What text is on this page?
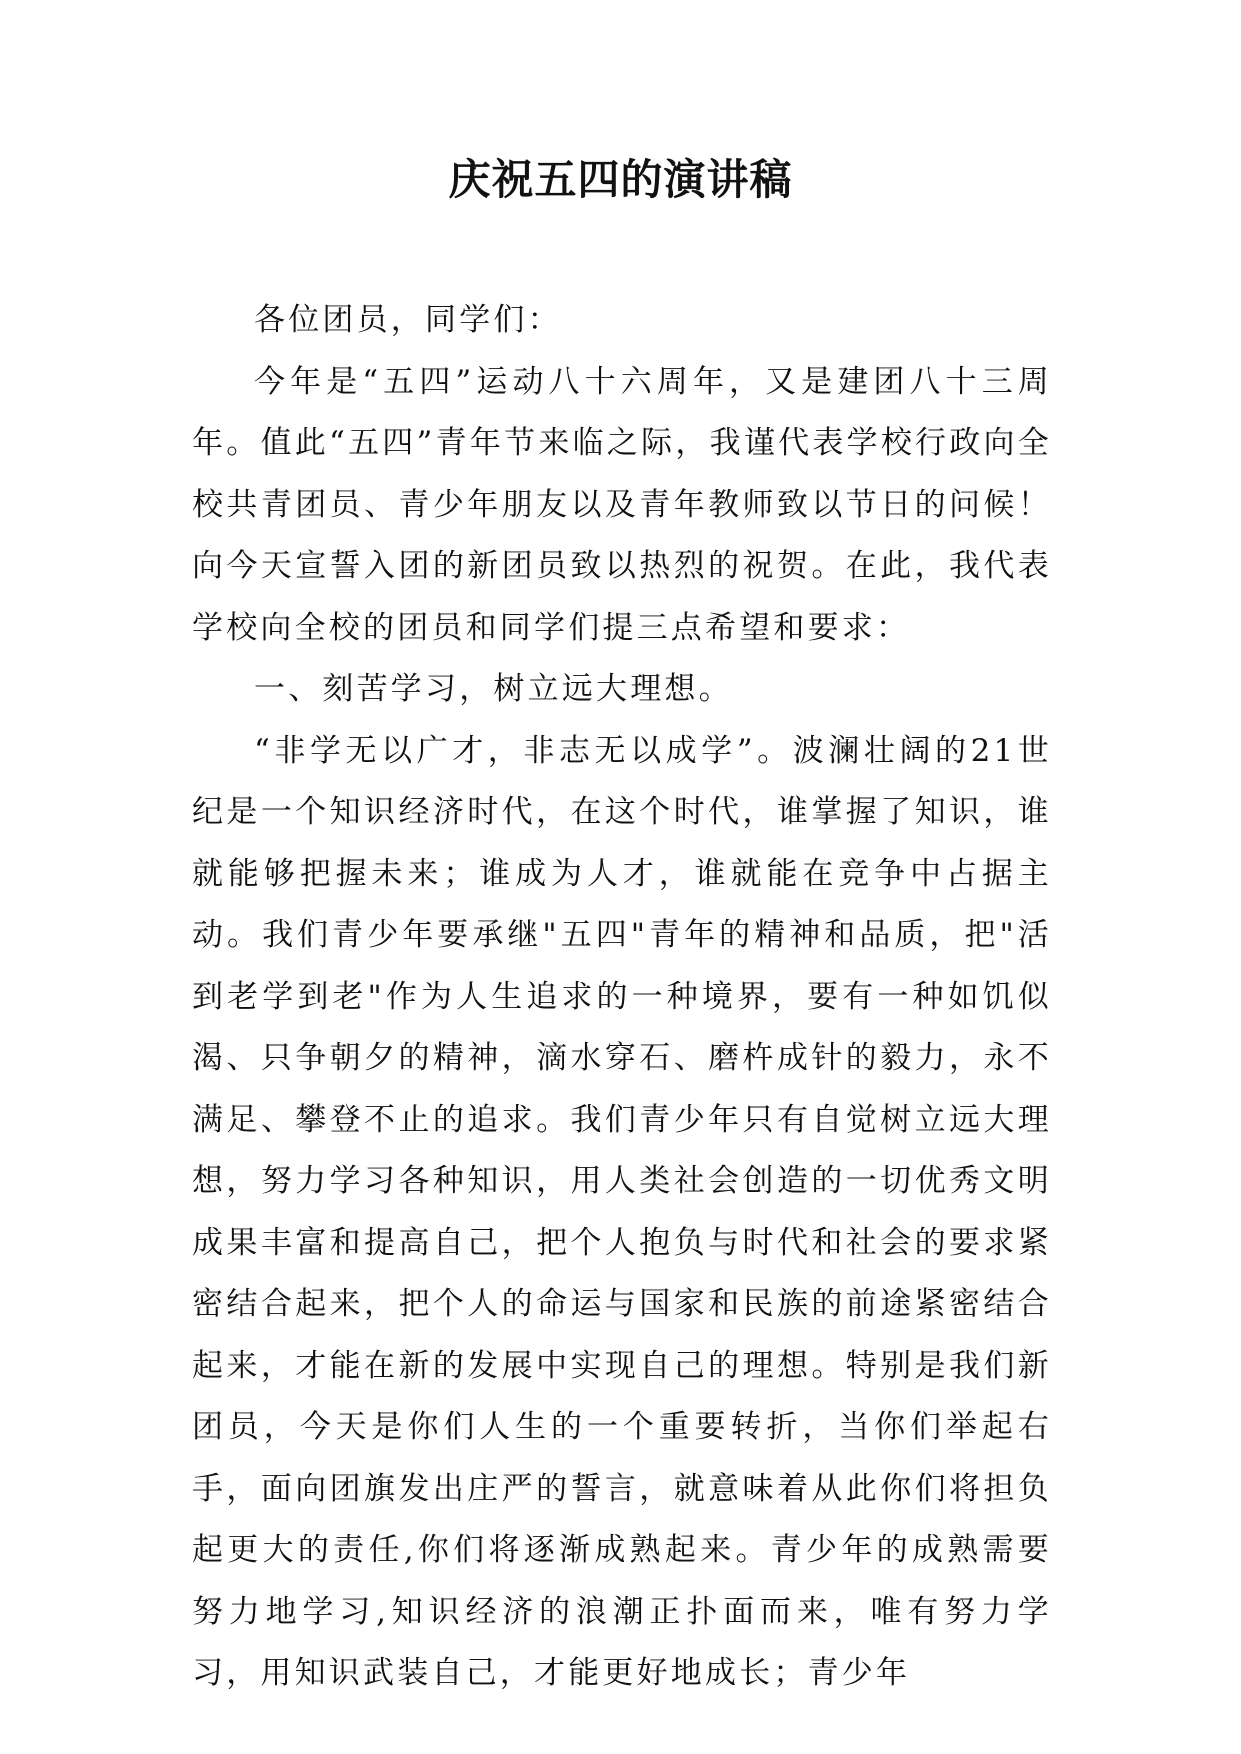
庆祝五四的演讲稿

各位团员，同学们：

今年是“五四”运动八十六周年，又是建团八十三周年。值此“五四”青年节来临之际，我谨代表学校行政向全校共青团员、青少年朋友以及青年教师致以节日的问候！向今天宣誓入团的新团员致以热烈的祝贺。在此，我代表学校向全校的团员和同学们提三点希望和要求：

一、刻苦学习，树立远大理想。

“非学无以广才，非志无以成学”。波澜壮阔的21世纪是一个知识经济时代，在这个时代，谁掌握了知识，谁就能够把握未来；谁成为人才，谁就能在竞争中占据主动。我们青少年要承继"五四"青年的精神和品质，把"活到老学到老"作为人生追求的一种境界，要有一种如饥似渴、只争朝夕的精神，滴水穿石、磨杵成针的毅力，永不满足、攀登不止的追求。我们青少年只有自觉树立远大理想，努力学习各种知识，用人类社会创造的一切优秀文明成果丰富和提高自己，把个人抱负与时代和社会的要求紧密结合起来，把个人的命运与国家和民族的前途紧密结合起来，才能在新的发展中实现自己的理想。特别是我们新团员，今天是你们人生的一个重要转折，当你们举起右手，面向团旗发出庄严的誓言，就意味着从此你们将担负起更大的责任,你们将逐渐成熟起来。青少年的成熟需要努力地学习,知识经济的浪潮正扑面而来，唯有努力学习，用知识武装自己，才能更好地成长；青少年
